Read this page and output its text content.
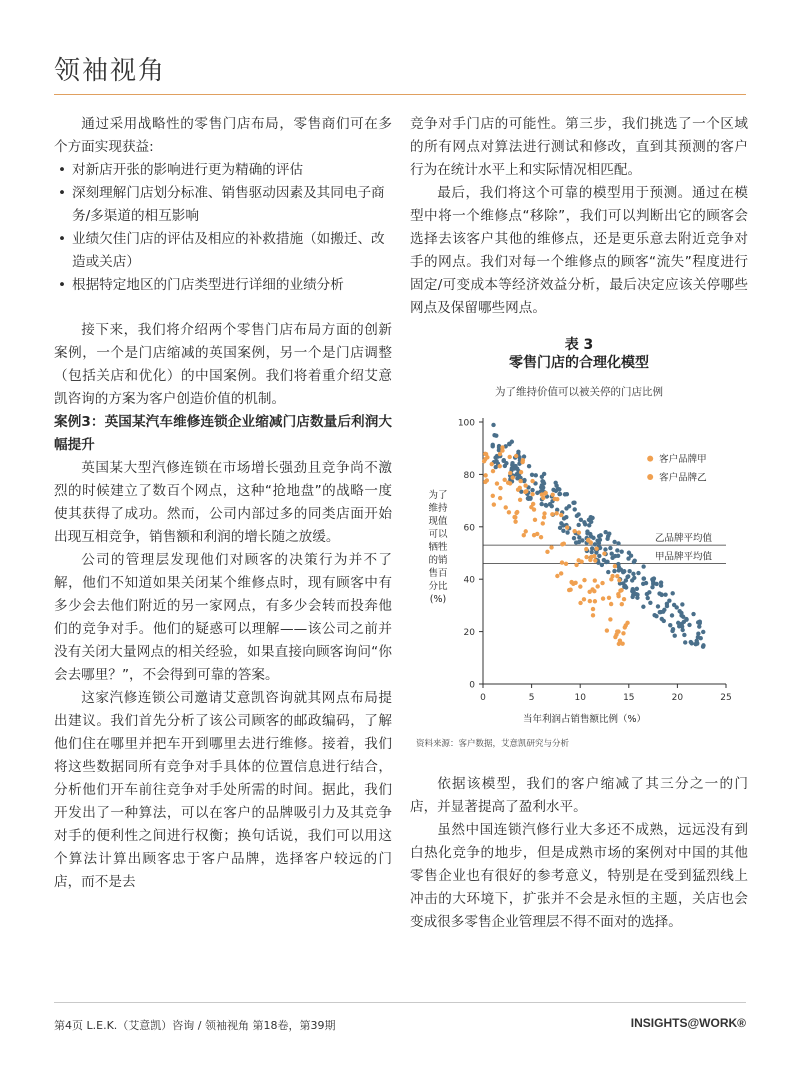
领袖视角

通过采用战略性的零售门店布局，零售商们可在多个方面实现获益:

• 对新店开张的影响进行更为精确的评估
• 深刻理解门店划分标准、销售驱动因素及其同电子商务/多渠道的相互影响
• 业绩欠佳门店的评估及相应的补救措施（如搬迁、改造或关店）
• 根据特定地区的门店类型进行详细的业绩分析

接下来，我们将介绍两个零售门店布局方面的创新案例，一个是门店缩减的英国案例，另一个是门店调整（包括关店和优化）的中国案例。我们将着重介绍艾意凯咨询的方案为客户创造价值的机制。

案例3：英国某汽车维修连锁企业缩减门店数量后利润大幅提升

英国某大型汽修连锁在市场增长强劲且竞争尚不激烈的时候建立了数百个网点，这种“抢地盘”的战略一度使其获得了成功。然而，公司内部过多的同类店面开始出现互相竞争，销售额和利润的增长随之放缓。

公司的管理层发现他们对顾客的决策行为并不了解，他们不知道如果关闭某个维修点时，现有顾客中有多少会去他们附近的另一家网点，有多少会转而投奔他们的竞争对手。他们的疑惑可以理解——该公司之前并没有关闭大量网点的相关经验，如果直接向顾客询问“你会去哪里？”，不会得到可靠的答案。

这家汽修连锁公司邀请艾意凯咨询就其网点布局提出建议。我们首先分析了该公司顾客的邮政编码，了解他们住在哪里并把车开到哪里去进行维修。接着，我们将这些数据同所有竞争对手具体的位置信息进行结合，分析他们开车前往竞争对手处所需的时间。据此，我们开发出了一种算法，可以在客户的品牌吸引力及其竞争对手的便利性之间进行权衡；换句话说，我们可以用这个算法计算出顾客忠于客户品牌，选择客户较远的门店，而不是去

竞争对手门店的可能性。第三步，我们挑选了一个区域的所有网点对算法进行测试和修改，直到其预测的客户行为在统计水平上和实际情况相匹配。

最后，我们将这个可靠的模型用于预测。通过在模型中将一个维修点“移除”，我们可以判断出它的顾客会选择去该客户其他的维修点，还是更乐意去附近竞争对手的网点。我们对每一个维修点的顾客“流失”程度进行固定/可变成本等经济效益分析，最后决定应该关停哪些网点及保留哪些网点。

表 3
零售门店的合理化模型
为了维持价值可以被关停的门店比例
0
20
40
60
80
100
0	5	10	15	20	25
当年利润占销售额比例（%）
为了
维持
现值
可以
牺牲
的销
售百
分比
(%)
乙品牌平均值
甲品牌平均值
客户品牌甲
客户品牌乙
资料来源：客户数据，艾意凯研究与分析

依据该模型，我们的客户缩减了其三分之一的门店，并显著提高了盈利水平。

虽然中国连锁汽修行业大多还不成熟，远远没有到白热化竞争的地步，但是成熟市场的案例对中国的其他零售企业也有很好的参考意义，特别是在受到猛烈线上冲击的大环境下，扩张并不会是永恒的主题，关店也会变成很多零售企业管理层不得不面对的选择。

第4页 L.E.K.（艾意凯）咨询 / 领袖视角 第18卷，第39期	INSIGHTS@WORK®
